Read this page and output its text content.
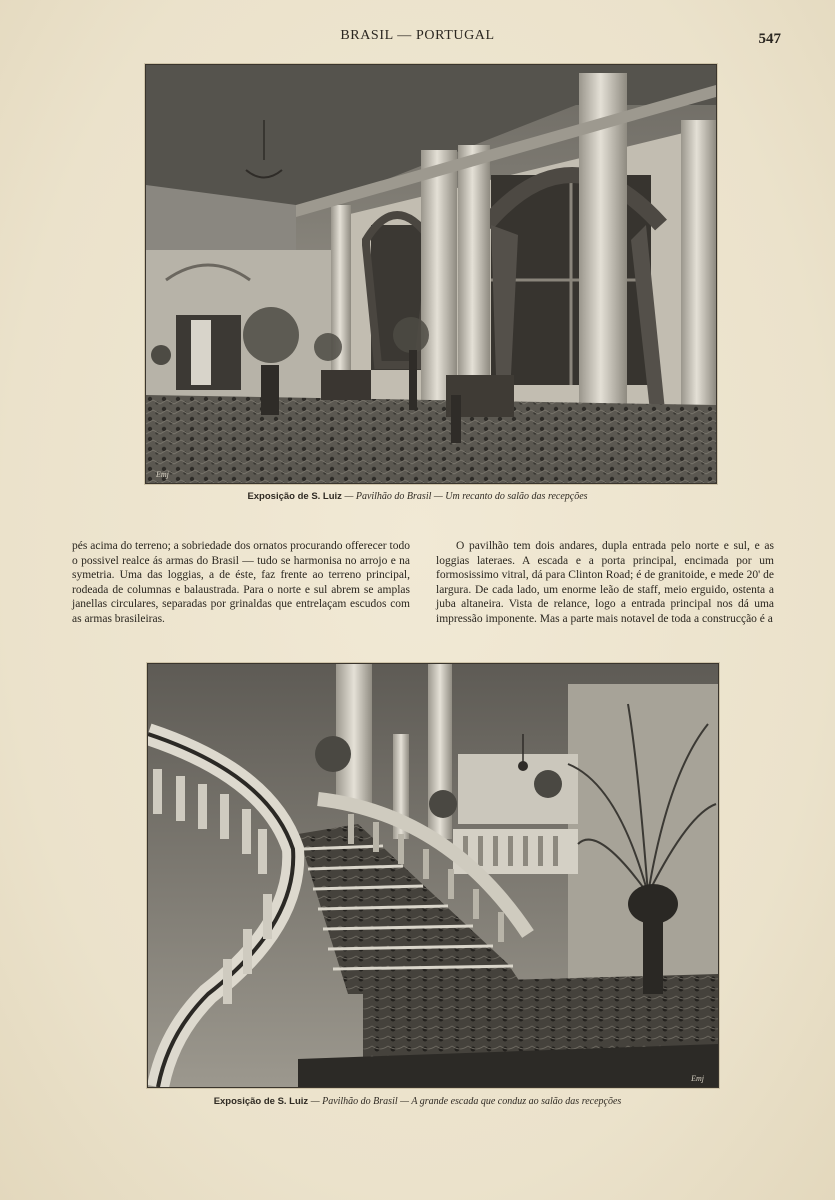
BRASIL — PORTUGAL	547
Emj
Exposição de S. Luiz — Pavilhão do Brasil — Um recanto do salão das recepções

pés acima do terreno; a sobriedade dos ornatos procurando offerecer todo o possivel realce ás armas do Brasil — tudo se harmonisa no arrojo e na symetria. Uma das loggias, a de éste, faz frente ao terreno principal, rodeada de columnas e balaustrada. Para o norte e sul abrem se amplas janellas circulares, separadas por grinaldas que entrelaçam escudos com as armas brasileiras.

O pavilhão tem dois andares, dupla entrada pelo norte e sul, e as loggias lateraes. A escada e a porta principal, encimada por um formosissimo vitral, dá para Clinton Road; é de granitoide, e mede 20' de largura. De cada lado, um enorme leão de staff, meio erguido, ostenta a juba altaneira. Vista de relance, logo a entrada principal nos dá uma impressão imponente. Mas a parte mais notavel de toda a construcção é a

Emj
Exposição de S. Luiz — Pavilhão do Brasil — A grande escada que conduz ao salão das recepções
